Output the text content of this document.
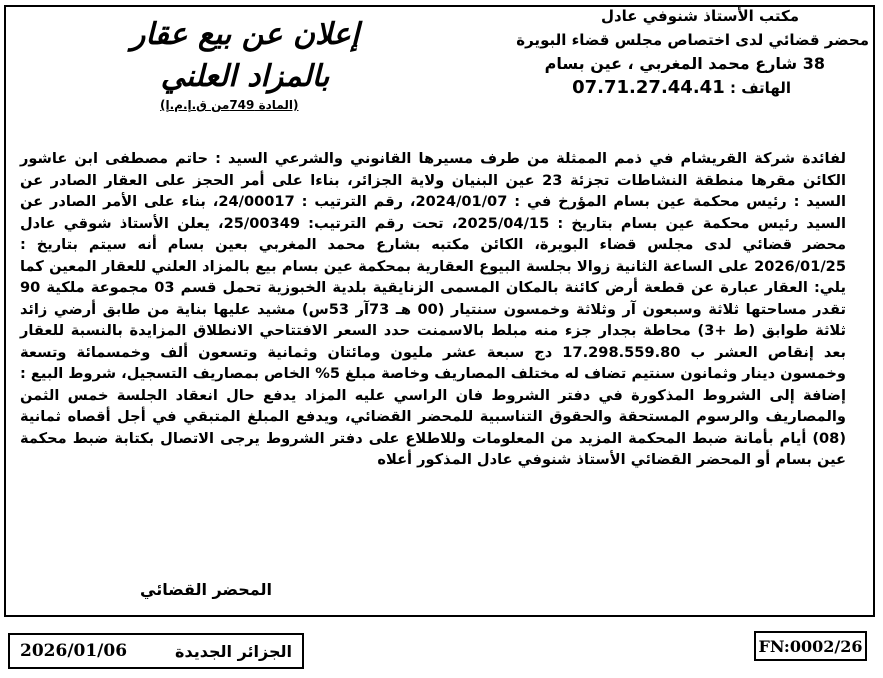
مكتب الأستاذ شنوفي عادل
محضر قضائي لدى اختصاص مجلس قضاء البويرة
38 شارع محمد المغربي ، عين بسام
الهاتف : 07.71.27.44.41
إعلان عن بيع عقار
بالمزاد العلني
(المادة 749من ق.إ.م.إ)
لفائدة شركة القريشام في ذمم الممثلة من طرف مسيرها القانوني والشرعي السيد : حاتم مصطفى ابن عاشور الكائن مقرها منطقة النشاطات تجزئة 23 عين البنيان ولاية الجزائر، بناءا على أمر الحجز على العقار الصادر عن السيد : رئيس محكمة عين بسام المؤرخ في : 2024/01/07، رقم الترتيب : 24/00017، بناء على الأمر الصادر عن السيد رئيس محكمة عين بسام بتاريخ : 2025/04/15، تحت رقم الترتيب: 25/00349، يعلن الأستاذ شوقي عادل محضر قضائي لدى مجلس قضاء البويرة، الكائن مكتبه بشارع محمد المغربي بعين بسام أنه سيتم بتاريخ : 2026/01/25 على الساعة الثانية زوالا بجلسة البيوع العقارية بمحكمة عين بسام بيع بالمزاد العلني للعقار المعين كما يلي: العقار عبارة عن قطعة أرض كائنة بالمكان المسمى الزنايقية بلدية الخبوزية تحمل قسم 03 مجموعة ملكية 90 تقدر مساحتها ثلاثة وسبعون آر وثلاثة وخمسون سنتيار (00 هـ 73آر 53س) مشيد عليها بناية من طابق أرضي زائد ثلاثة طوابق (ط +3) محاطة بجدار جزء منه مبلط بالاسمنت حدد السعر الافتتاحي الانطلاق المزايدة بالنسبة للعقار بعد إنقاص العشر ب 17.298.559.80 دج سبعة عشر مليون ومائتان وثمانية وتسعون ألف وخمسمائة وتسعة وخمسون دينار وثمانون سنتيم تضاف له مختلف المصاريف وخاصة مبلغ 5% الخاص بمصاريف التسجيل، شروط البيع : إضافة إلى الشروط المذكورة في دفتر الشروط فان الراسي عليه المزاد يدفع حال انعقاد الجلسة خمس الثمن والمصاريف والرسوم المستحقة والحقوق التناسبية للمحضر القضائي، ويدفع المبلغ المتبقي في أجل أقصاه ثمانية (08) أيام بأمانة ضبط المحكمة المزيد من المعلومات وللاطلاع على دفتر الشروط يرجى الاتصال بكتابة ضبط محكمة عين بسام أو المحضر القضائي الأستاذ شنوفي عادل المذكور أعلاه
المحضر القضائي
2026/01/06	الجزائر الجديدة	FN:0002/26
